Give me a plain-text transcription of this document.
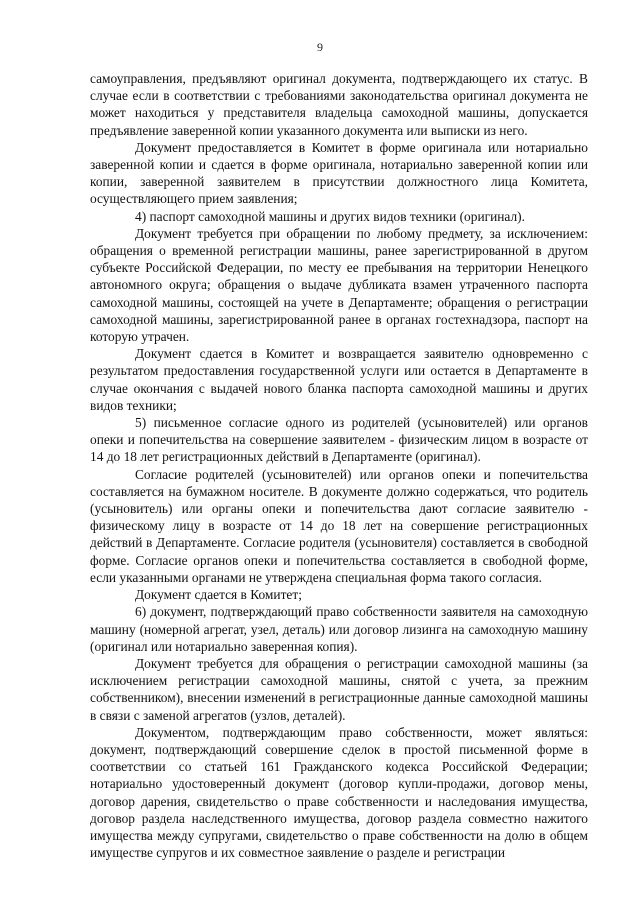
9

самоуправления, предъявляют оригинал документа, подтверждающего их статус. В случае если в соответствии с требованиями законодательства оригинал документа не может находиться у представителя владельца самоходной машины, допускается предъявление заверенной копии указанного документа или выписки из него.

Документ предоставляется в Комитет в форме оригинала или нотариально заверенной копии и сдается в форме оригинала, нотариально заверенной копии или копии, заверенной заявителем в присутствии должностного лица Комитета, осуществляющего прием заявления;

4) паспорт самоходной машины и других видов техники (оригинал).

Документ требуется при обращении по любому предмету, за исключением: обращения о временной регистрации машины, ранее зарегистрированной в другом субъекте Российской Федерации, по месту ее пребывания на территории Ненецкого автономного округа; обращения о выдаче дубликата взамен утраченного паспорта самоходной машины, состоящей на учете в Департаменте; обращения о регистрации самоходной машины, зарегистрированной ранее в органах гостехнадзора, паспорт на которую утрачен.

Документ сдается в Комитет и возвращается заявителю одновременно с результатом предоставления государственной услуги или остается в Департаменте в случае окончания с выдачей нового бланка паспорта самоходной машины и других видов техники;

5) письменное согласие одного из родителей (усыновителей) или органов опеки и попечительства на совершение заявителем - физическим лицом в возрасте от 14 до 18 лет регистрационных действий в Департаменте (оригинал).

Согласие родителей (усыновителей) или органов опеки и попечительства составляется на бумажном носителе. В документе должно содержаться, что родитель (усыновитель) или органы опеки и попечительства дают согласие заявителю - физическому лицу в возрасте от 14 до 18 лет на совершение регистрационных действий в Департаменте. Согласие родителя (усыновителя) составляется в свободной форме. Согласие органов опеки и попечительства составляется в свободной форме, если указанными органами не утверждена специальная форма такого согласия.

Документ сдается в Комитет;

6) документ, подтверждающий право собственности заявителя на самоходную машину (номерной агрегат, узел, деталь) или договор лизинга на самоходную машину (оригинал или нотариально заверенная копия).

Документ требуется для обращения о регистрации самоходной машины (за исключением регистрации самоходной машины, снятой с учета, за прежним собственником), внесении изменений в регистрационные данные самоходной машины в связи с заменой агрегатов (узлов, деталей).

Документом, подтверждающим право собственности, может являться: документ, подтверждающий совершение сделок в простой письменной форме в соответствии со статьей 161 Гражданского кодекса Российской Федерации; нотариально удостоверенный документ (договор купли-продажи, договор мены, договор дарения, свидетельство о праве собственности и наследования имущества, договор раздела наследственного имущества, договор раздела совместно нажитого имущества между супругами, свидетельство о праве собственности на долю в общем имуществе супругов и их совместное заявление о разделе и регистрации
